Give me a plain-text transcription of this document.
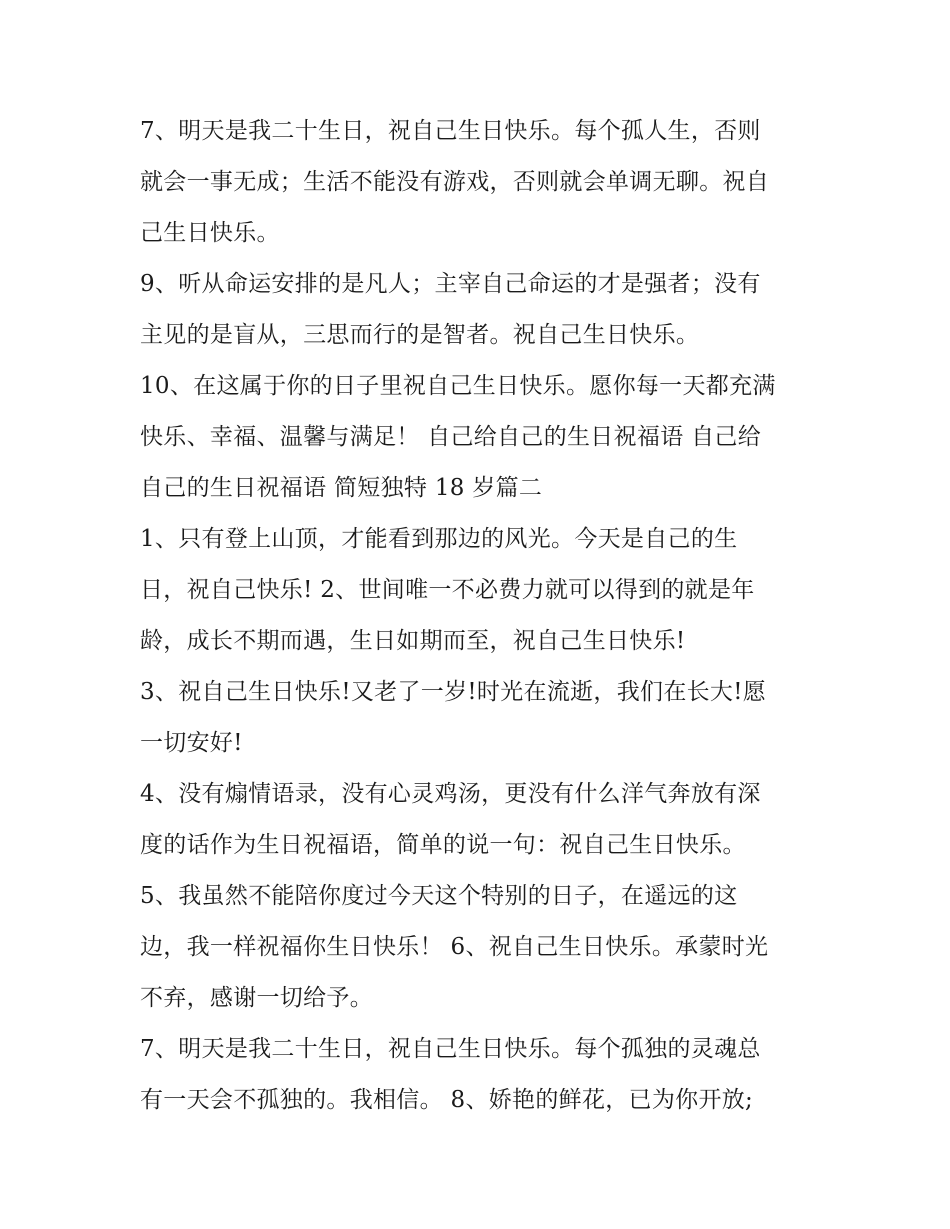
7、明天是我二十生日，祝自己生日快乐。每个孤人生，否则
就会一事无成；生活不能没有游戏，否则就会单调无聊。祝自
己生日快乐。
9、听从命运安排的是凡人；主宰自己命运的才是强者；没有
主见的是盲从，三思而行的是智者。祝自己生日快乐。
10、在这属于你的日子里祝自己生日快乐。愿你每一天都充满
快乐、幸福、温馨与满足！ 自己给自己的生日祝福语 自己给
自己的生日祝福语 简短独特 18 岁篇二
1、只有登上山顶，才能看到那边的风光。今天是自己的生
日，祝自己快乐! 2、世间唯一不必费力就可以得到的就是年
龄，成长不期而遇，生日如期而至，祝自己生日快乐!
3、祝自己生日快乐!又老了一岁!时光在流逝，我们在长大!愿
一切安好!
4、没有煽情语录，没有心灵鸡汤，更没有什么洋气奔放有深
度的话作为生日祝福语，简单的说一句：祝自己生日快乐。
5、我虽然不能陪你度过今天这个特别的日子，在遥远的这
边，我一样祝福你生日快乐！ 6、祝自己生日快乐。承蒙时光
不弃，感谢一切给予。
7、明天是我二十生日，祝自己生日快乐。每个孤独的灵魂总
有一天会不孤独的。我相信。 8、娇艳的鲜花，已为你开放;
